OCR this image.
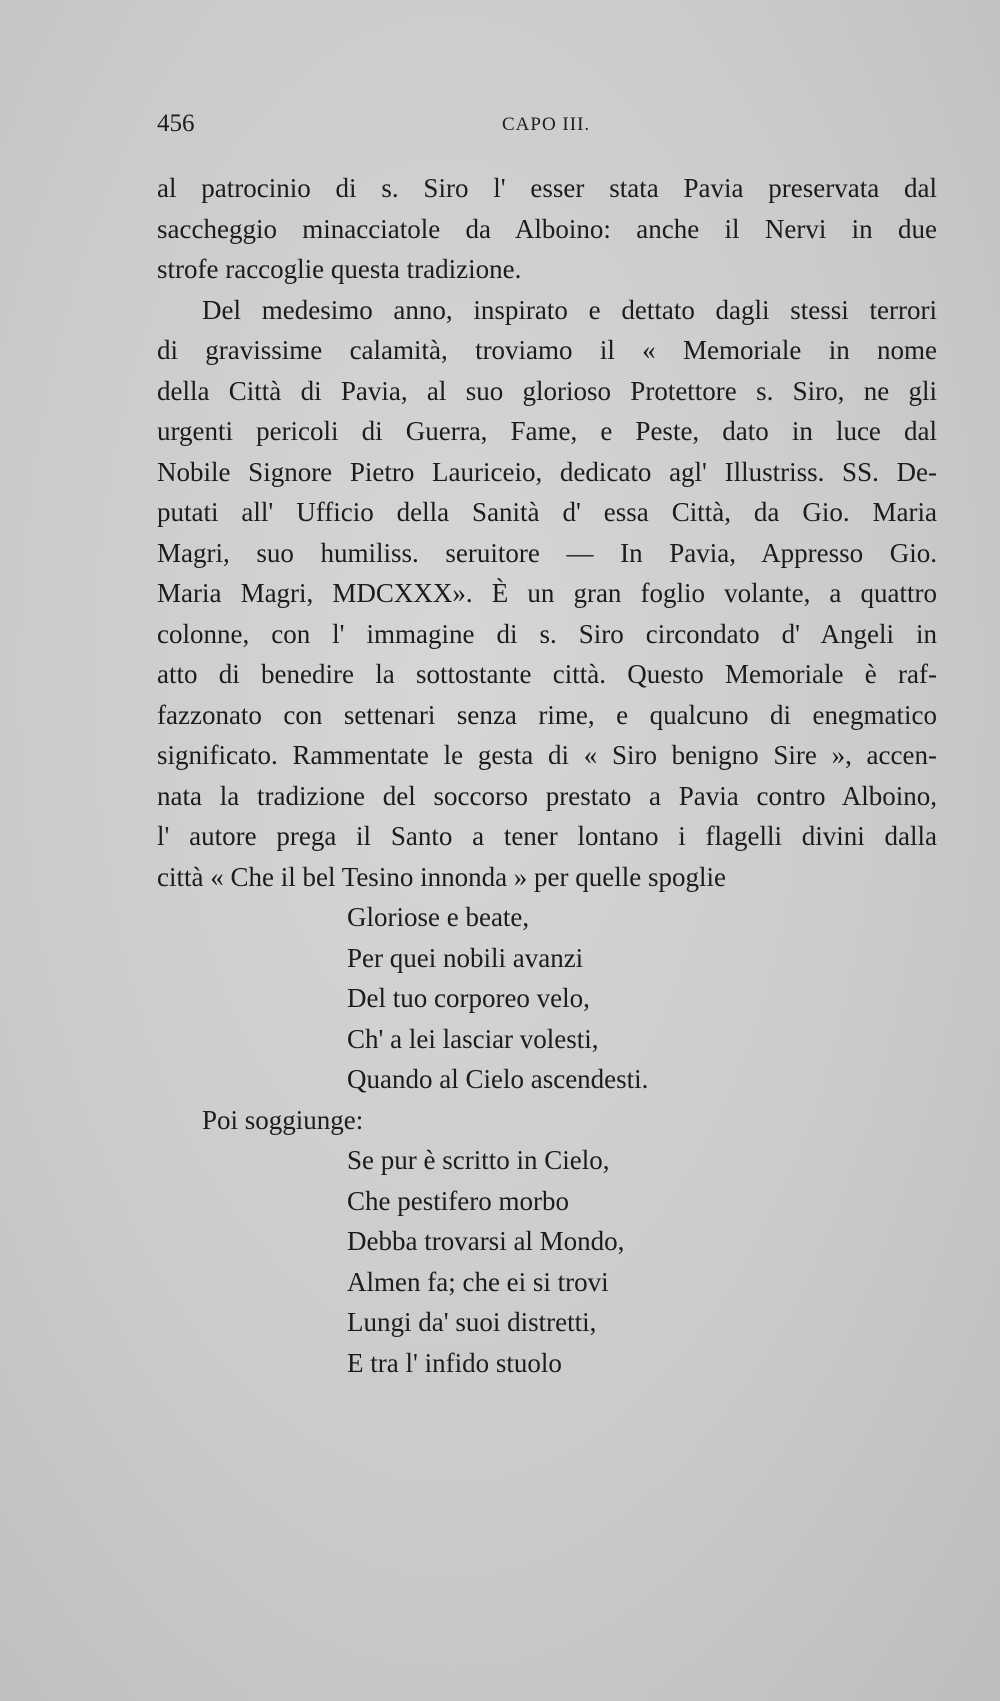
456	CAPO III.
al patrocinio di s. Siro l' esser stata Pavia preservata dal
saccheggio minacciatole da Alboino: anche il Nervi in due
strofe raccoglie questa tradizione.
Del medesimo anno, inspirato e dettato dagli stessi terrori
di gravissime calamità, troviamo il « Memoriale in nome
della Città di Pavia, al suo glorioso Protettore s. Siro, ne gli
urgenti pericoli di Guerra, Fame, e Peste, dato in luce dal
Nobile Signore Pietro Lauriceio, dedicato agl' Illustriss. SS. De-
putati all' Ufficio della Sanità d' essa Città, da Gio. Maria
Magri, suo humiliss. seruitore — In Pavia, Appresso Gio.
Maria Magri, MDCXXX». È un gran foglio volante, a quattro
colonne, con l' immagine di s. Siro circondato d' Angeli in
atto di benedire la sottostante città. Questo Memoriale è raf-
fazzonato con settenari senza rime, e qualcuno di enegmatico
significato. Rammentate le gesta di « Siro benigno Sire », accen-
nata la tradizione del soccorso prestato a Pavia contro Alboino,
l' autore prega il Santo a tener lontano i flagelli divini dalla
città « Che il bel Tesino innonda » per quelle spoglie
Gloriose e beate,
Per quei nobili avanzi
Del tuo corporeo velo,
Ch' a lei lasciar volesti,
Quando al Cielo ascendesti.
Poi soggiunge:
Se pur è scritto in Cielo,
Che pestifero morbo
Debba trovarsi al Mondo,
Almen fa; che ei si trovi
Lungi da' suoi distretti,
E tra l' infido stuolo
